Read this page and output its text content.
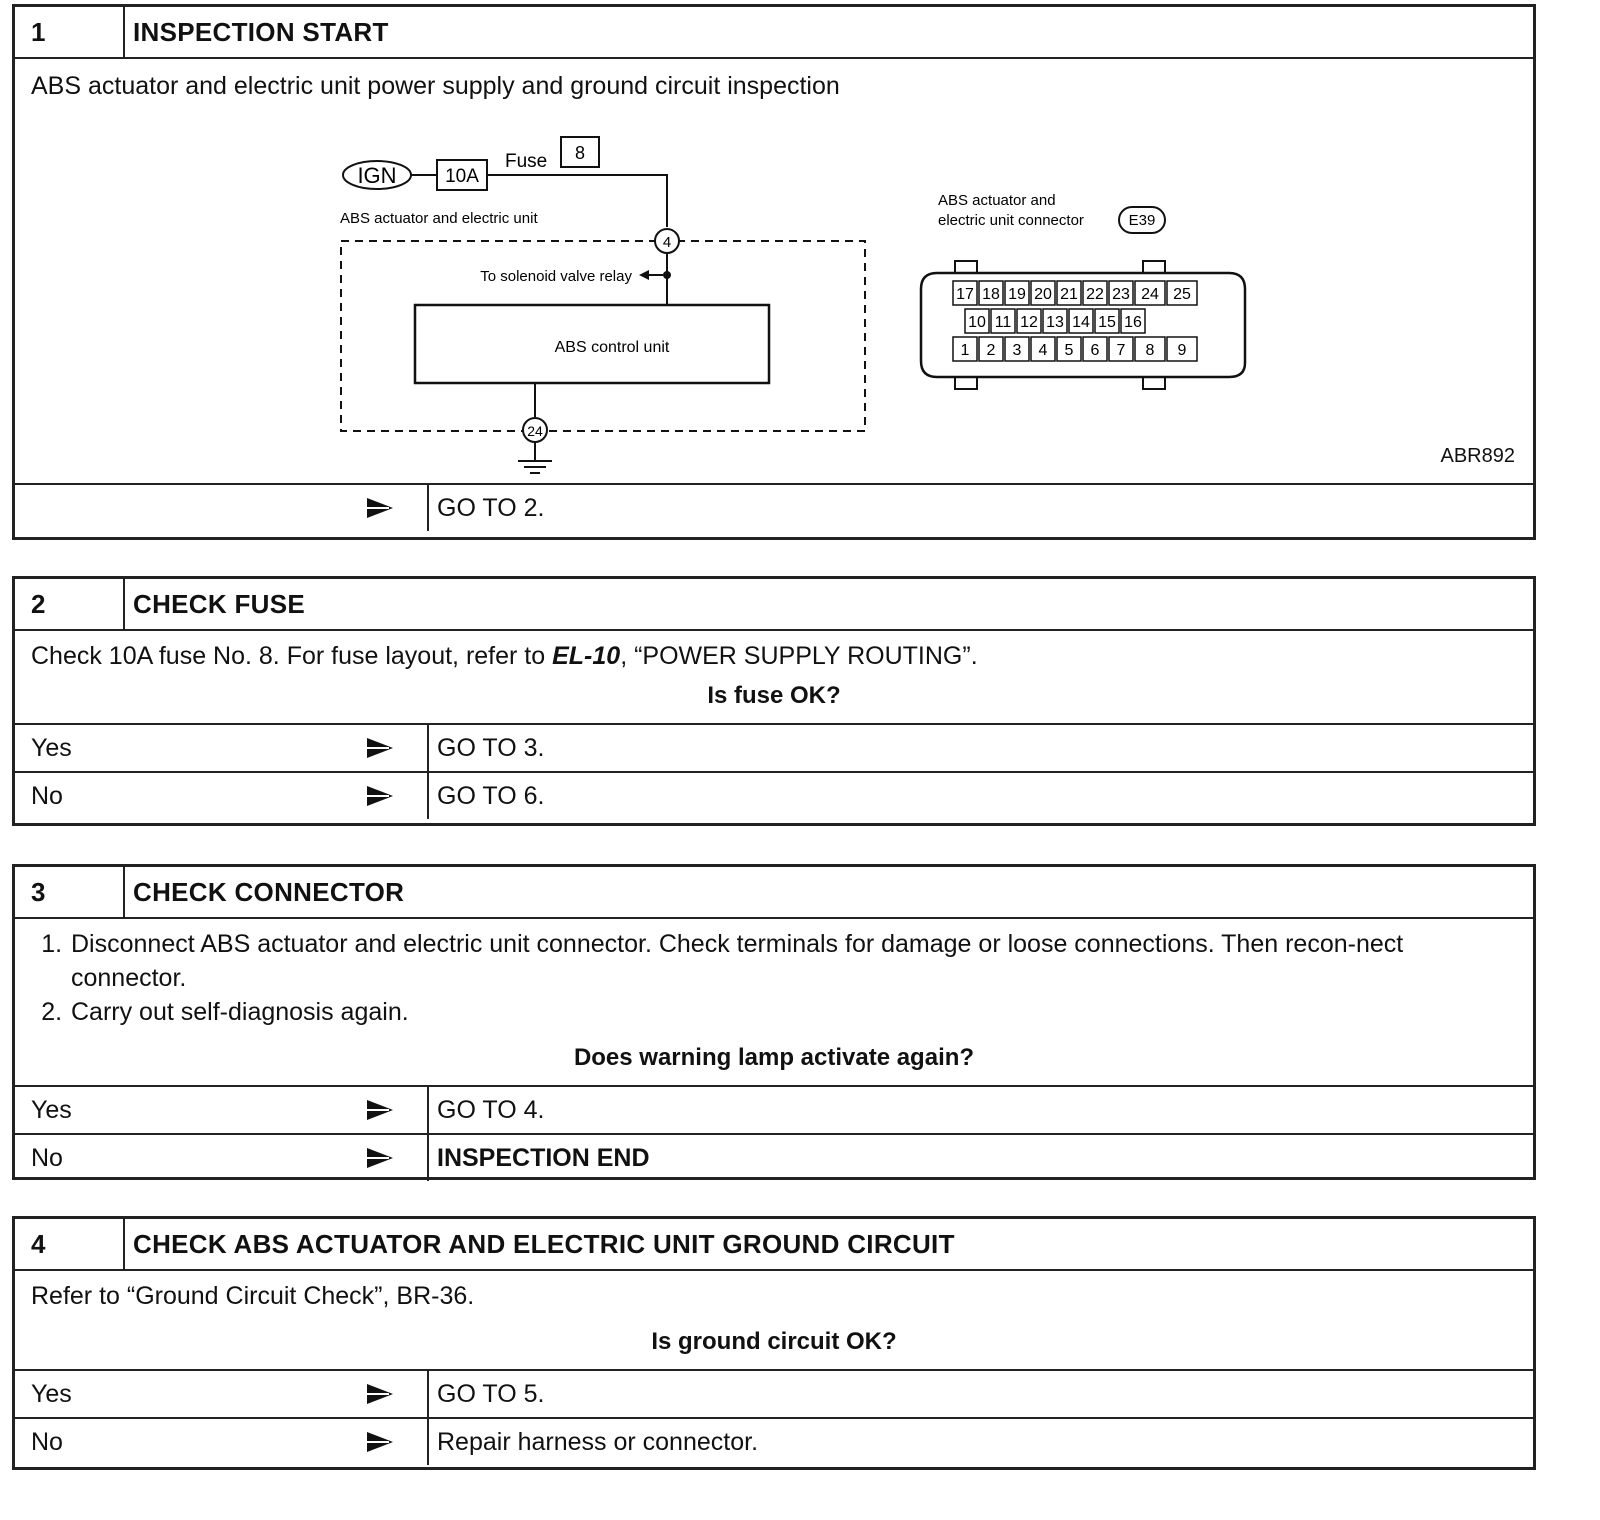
1	INSPECTION START
ABS actuator and electric unit power supply and ground circuit inspection
IGN	10A
Fuse 8
ABS actuator and electric unit
4
To solenoid valve relay
ABS control unit
24
ABS actuator and
electric unit connector	E39
17 18 19 20 21 22 23 24 25
10 11 12 13 14 15 16
1 2 3 4 5 6 7 8 9
ABR892
GO TO 2.
2	CHECK FUSE
Check 10A fuse No. 8. For fuse layout, refer to EL-10, “POWER SUPPLY ROUTING”.
Is fuse OK?
Yes	GO TO 3.
No	GO TO 6.
3	CHECK CONNECTOR
1. Disconnect ABS actuator and electric unit connector. Check terminals for damage or loose connections. Then recon-nect connector.
2. Carry out self-diagnosis again.
Does warning lamp activate again?
Yes	GO TO 4.
No	INSPECTION END
4	CHECK ABS ACTUATOR AND ELECTRIC UNIT GROUND CIRCUIT
Refer to “Ground Circuit Check”, BR-36.
Is ground circuit OK?
Yes	GO TO 5.
No	Repair harness or connector.
